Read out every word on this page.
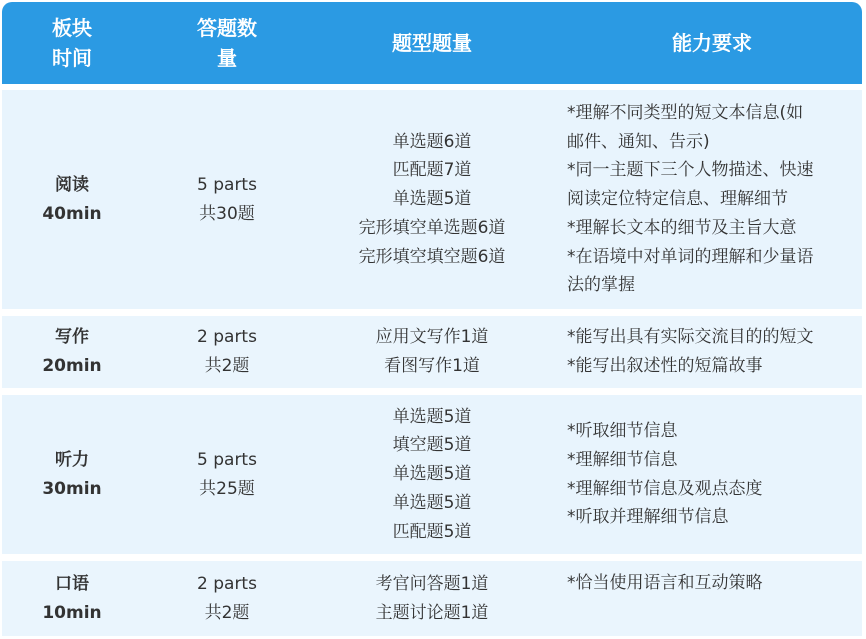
板块
时间
答题数
量
题型题量	能力要求
阅读
40min
5 parts
共30题
单选题6道
匹配题7道
单选题5道
完形填空单选题6道
完形填空填空题6道
*理解不同类型的短文本信息(如
邮件、通知、告示)
*同一主题下三个人物描述、快速
阅读定位特定信息、理解细节
*理解长文本的细节及主旨大意
*在语境中对单词的理解和少量语
法的掌握
写作
20min
2 parts
共2题
应用文写作1道
看图写作1道
*能写出具有实际交流目的的短文
*能写出叙述性的短篇故事
听力
30min
5 parts
共25题
单选题5道
填空题5道
单选题5道
单选题5道
匹配题5道
*听取细节信息
*理解细节信息
*理解细节信息及观点态度
*听取并理解细节信息
口语
10min
2 parts
共2题
考官问答题1道
主题讨论题1道
*恰当使用语言和互动策略
